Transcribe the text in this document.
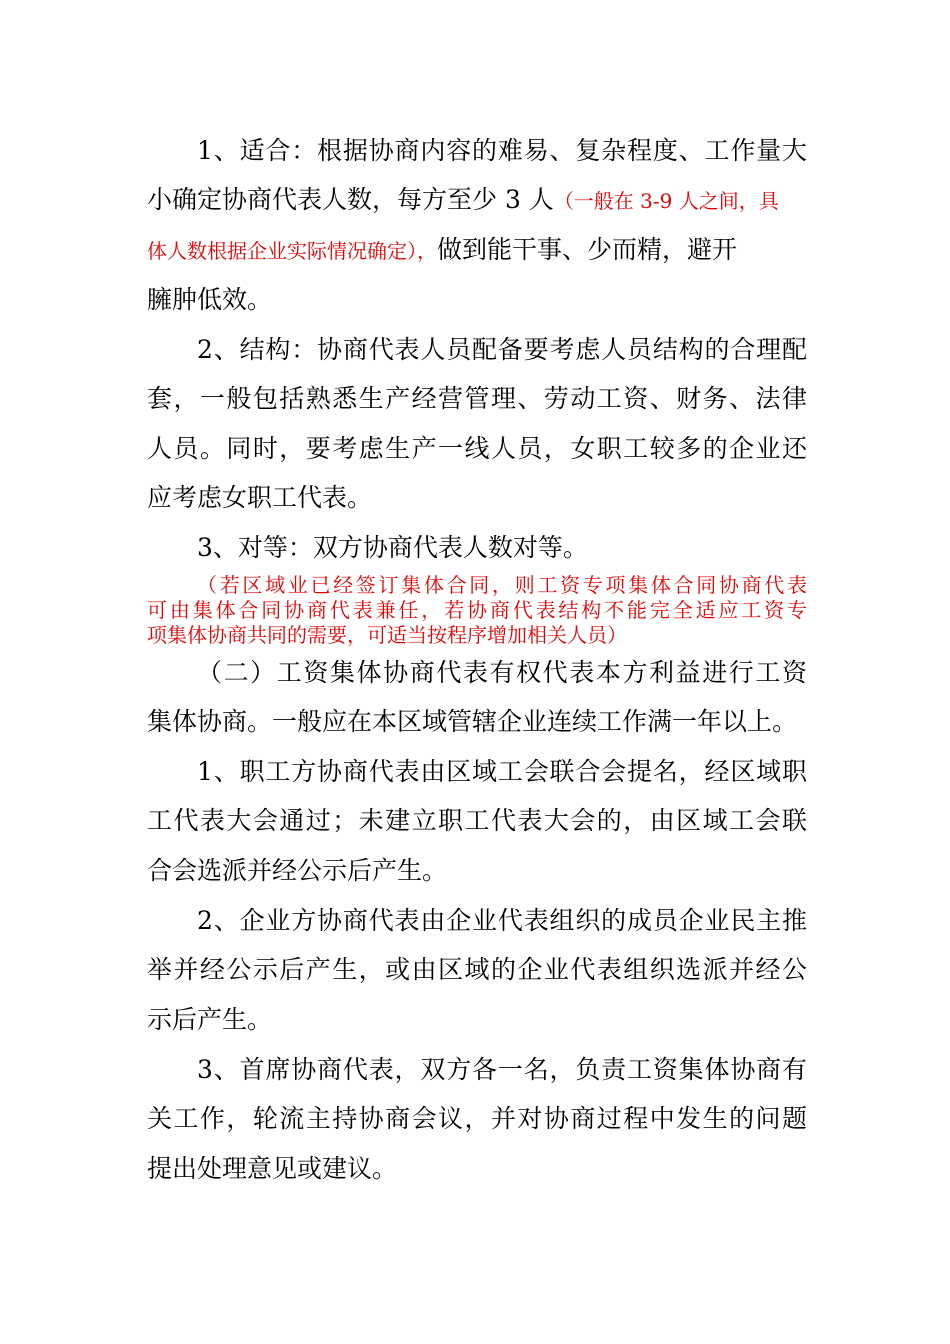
1、适合：根据协商内容的难易、复杂程度、工作量大
小确定协商代表人数，每方至少 3 人（一般在 3-9 人之间，具
体人数根据企业实际情况确定），做到能干事、少而精，避开
臃肿低效。
2、结构：协商代表人员配备要考虑人员结构的合理配
套，一般包括熟悉生产经营管理、劳动工资、财务、法律
人员。同时，要考虑生产一线人员，女职工较多的企业还
应考虑女职工代表。
3、对等：双方协商代表人数对等。
（若区域业已经签订集体合同，则工资专项集体合同协商代表
可由集体合同协商代表兼任，若协商代表结构不能完全适应工资专
项集体协商共同的需要，可适当按程序增加相关人员）
（二）工资集体协商代表有权代表本方利益进行工资
集体协商。一般应在本区域管辖企业连续工作满一年以上。
1、职工方协商代表由区域工会联合会提名，经区域职
工代表大会通过；未建立职工代表大会的，由区域工会联
合会选派并经公示后产生。
2、企业方协商代表由企业代表组织的成员企业民主推
举并经公示后产生，或由区域的企业代表组织选派并经公
示后产生。
3、首席协商代表，双方各一名，负责工资集体协商有
关工作，轮流主持协商会议，并对协商过程中发生的问题
提出处理意见或建议。
